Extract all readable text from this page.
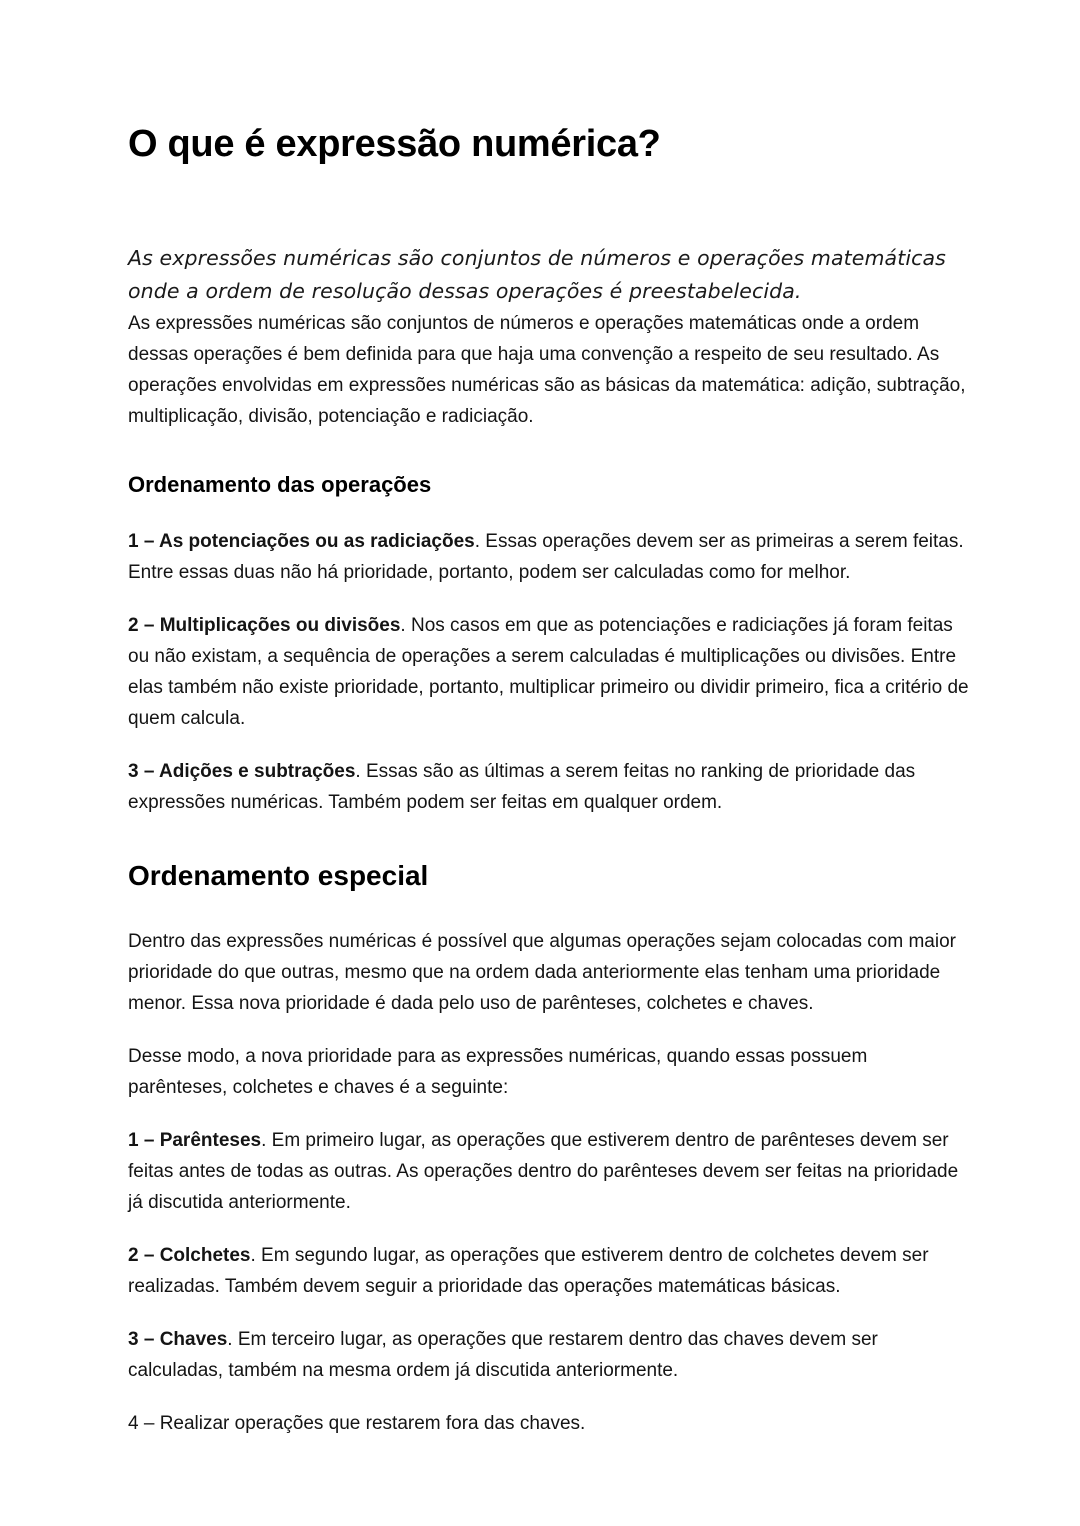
O que é expressão numérica?

As expressões numéricas são conjuntos de números e operações matemáticas onde a ordem de resolução dessas operações é preestabelecida.

As expressões numéricas são conjuntos de números e operações matemáticas onde a ordem dessas operações é bem definida para que haja uma convenção a respeito de seu resultado. As operações envolvidas em expressões numéricas são as básicas da matemática: adição, subtração, multiplicação, divisão, potenciação e radiciação.

Ordenamento das operações

1 – As potenciações ou as radiciações. Essas operações devem ser as primeiras a serem feitas. Entre essas duas não há prioridade, portanto, podem ser calculadas como for melhor.

2 – Multiplicações ou divisões. Nos casos em que as potenciações e radiciações já foram feitas ou não existam, a sequência de operações a serem calculadas é multiplicações ou divisões. Entre elas também não existe prioridade, portanto, multiplicar primeiro ou dividir primeiro, fica a critério de quem calcula.

3 – Adições e subtrações. Essas são as últimas a serem feitas no ranking de prioridade das expressões numéricas. Também podem ser feitas em qualquer ordem.

Ordenamento especial

Dentro das expressões numéricas é possível que algumas operações sejam colocadas com maior prioridade do que outras, mesmo que na ordem dada anteriormente elas tenham uma prioridade menor. Essa nova prioridade é dada pelo uso de parênteses, colchetes e chaves.

Desse modo, a nova prioridade para as expressões numéricas, quando essas possuem parênteses, colchetes e chaves é a seguinte:

1 – Parênteses. Em primeiro lugar, as operações que estiverem dentro de parênteses devem ser feitas antes de todas as outras. As operações dentro do parênteses devem ser feitas na prioridade já discutida anteriormente.

2 – Colchetes. Em segundo lugar, as operações que estiverem dentro de colchetes devem ser realizadas. Também devem seguir a prioridade das operações matemáticas básicas.

3 – Chaves. Em terceiro lugar, as operações que restarem dentro das chaves devem ser calculadas, também na mesma ordem já discutida anteriormente.

4 – Realizar operações que restarem fora das chaves.
